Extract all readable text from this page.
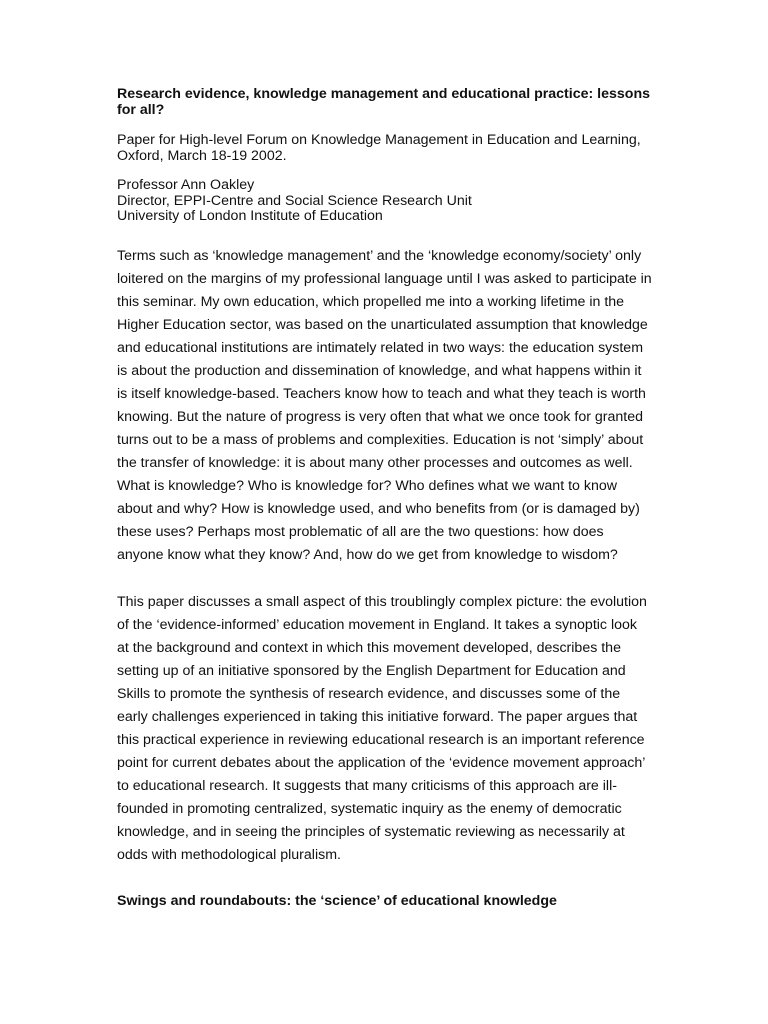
Research evidence, knowledge management and educational practice: lessons for all?

Paper for High-level Forum on Knowledge Management in Education and Learning, Oxford, March 18-19 2002.

Professor Ann Oakley
Director, EPPI-Centre and Social Science Research Unit
University of London Institute of Education
Terms such as ‘knowledge management’ and the ‘knowledge economy/society’ only
loitered on the margins of my professional language until I was asked to participate in
this seminar. My own education, which propelled me into a working lifetime in the
Higher Education sector, was based on the unarticulated assumption that knowledge
and educational institutions are intimately related in two ways: the education system
is about the production and dissemination of knowledge, and what happens within it
is itself knowledge-based. Teachers know how to teach and what they teach is worth
knowing. But the nature of progress is very often that what we once took for granted
turns out to be a mass of problems and complexities. Education is not ‘simply’ about
the transfer of knowledge: it is about many other processes and outcomes as well.
What is knowledge? Who is knowledge for? Who defines what we want to know
about and why? How is knowledge used, and who benefits from (or is damaged by)
these uses? Perhaps most problematic of all are the two questions: how does
anyone know what they know? And, how do we get from knowledge to wisdom?
This paper discusses a small aspect of this troublingly complex picture: the evolution
of the ‘evidence-informed’ education movement in England. It takes a synoptic look
at the background and context in which this movement developed, describes the
setting up of an initiative sponsored by the English Department for Education and
Skills to promote the synthesis of research evidence, and discusses some of the
early challenges experienced in taking this initiative forward. The paper argues that
this practical experience in reviewing educational research is an important reference
point for current debates about the application of the ‘evidence movement approach’
to educational research. It suggests that many criticisms of this approach are ill-
founded in promoting centralized, systematic inquiry as the enemy of democratic
knowledge, and in seeing the principles of systematic reviewing as necessarily at
odds with methodological pluralism.

Swings and roundabouts: the ‘science’ of educational knowledge
